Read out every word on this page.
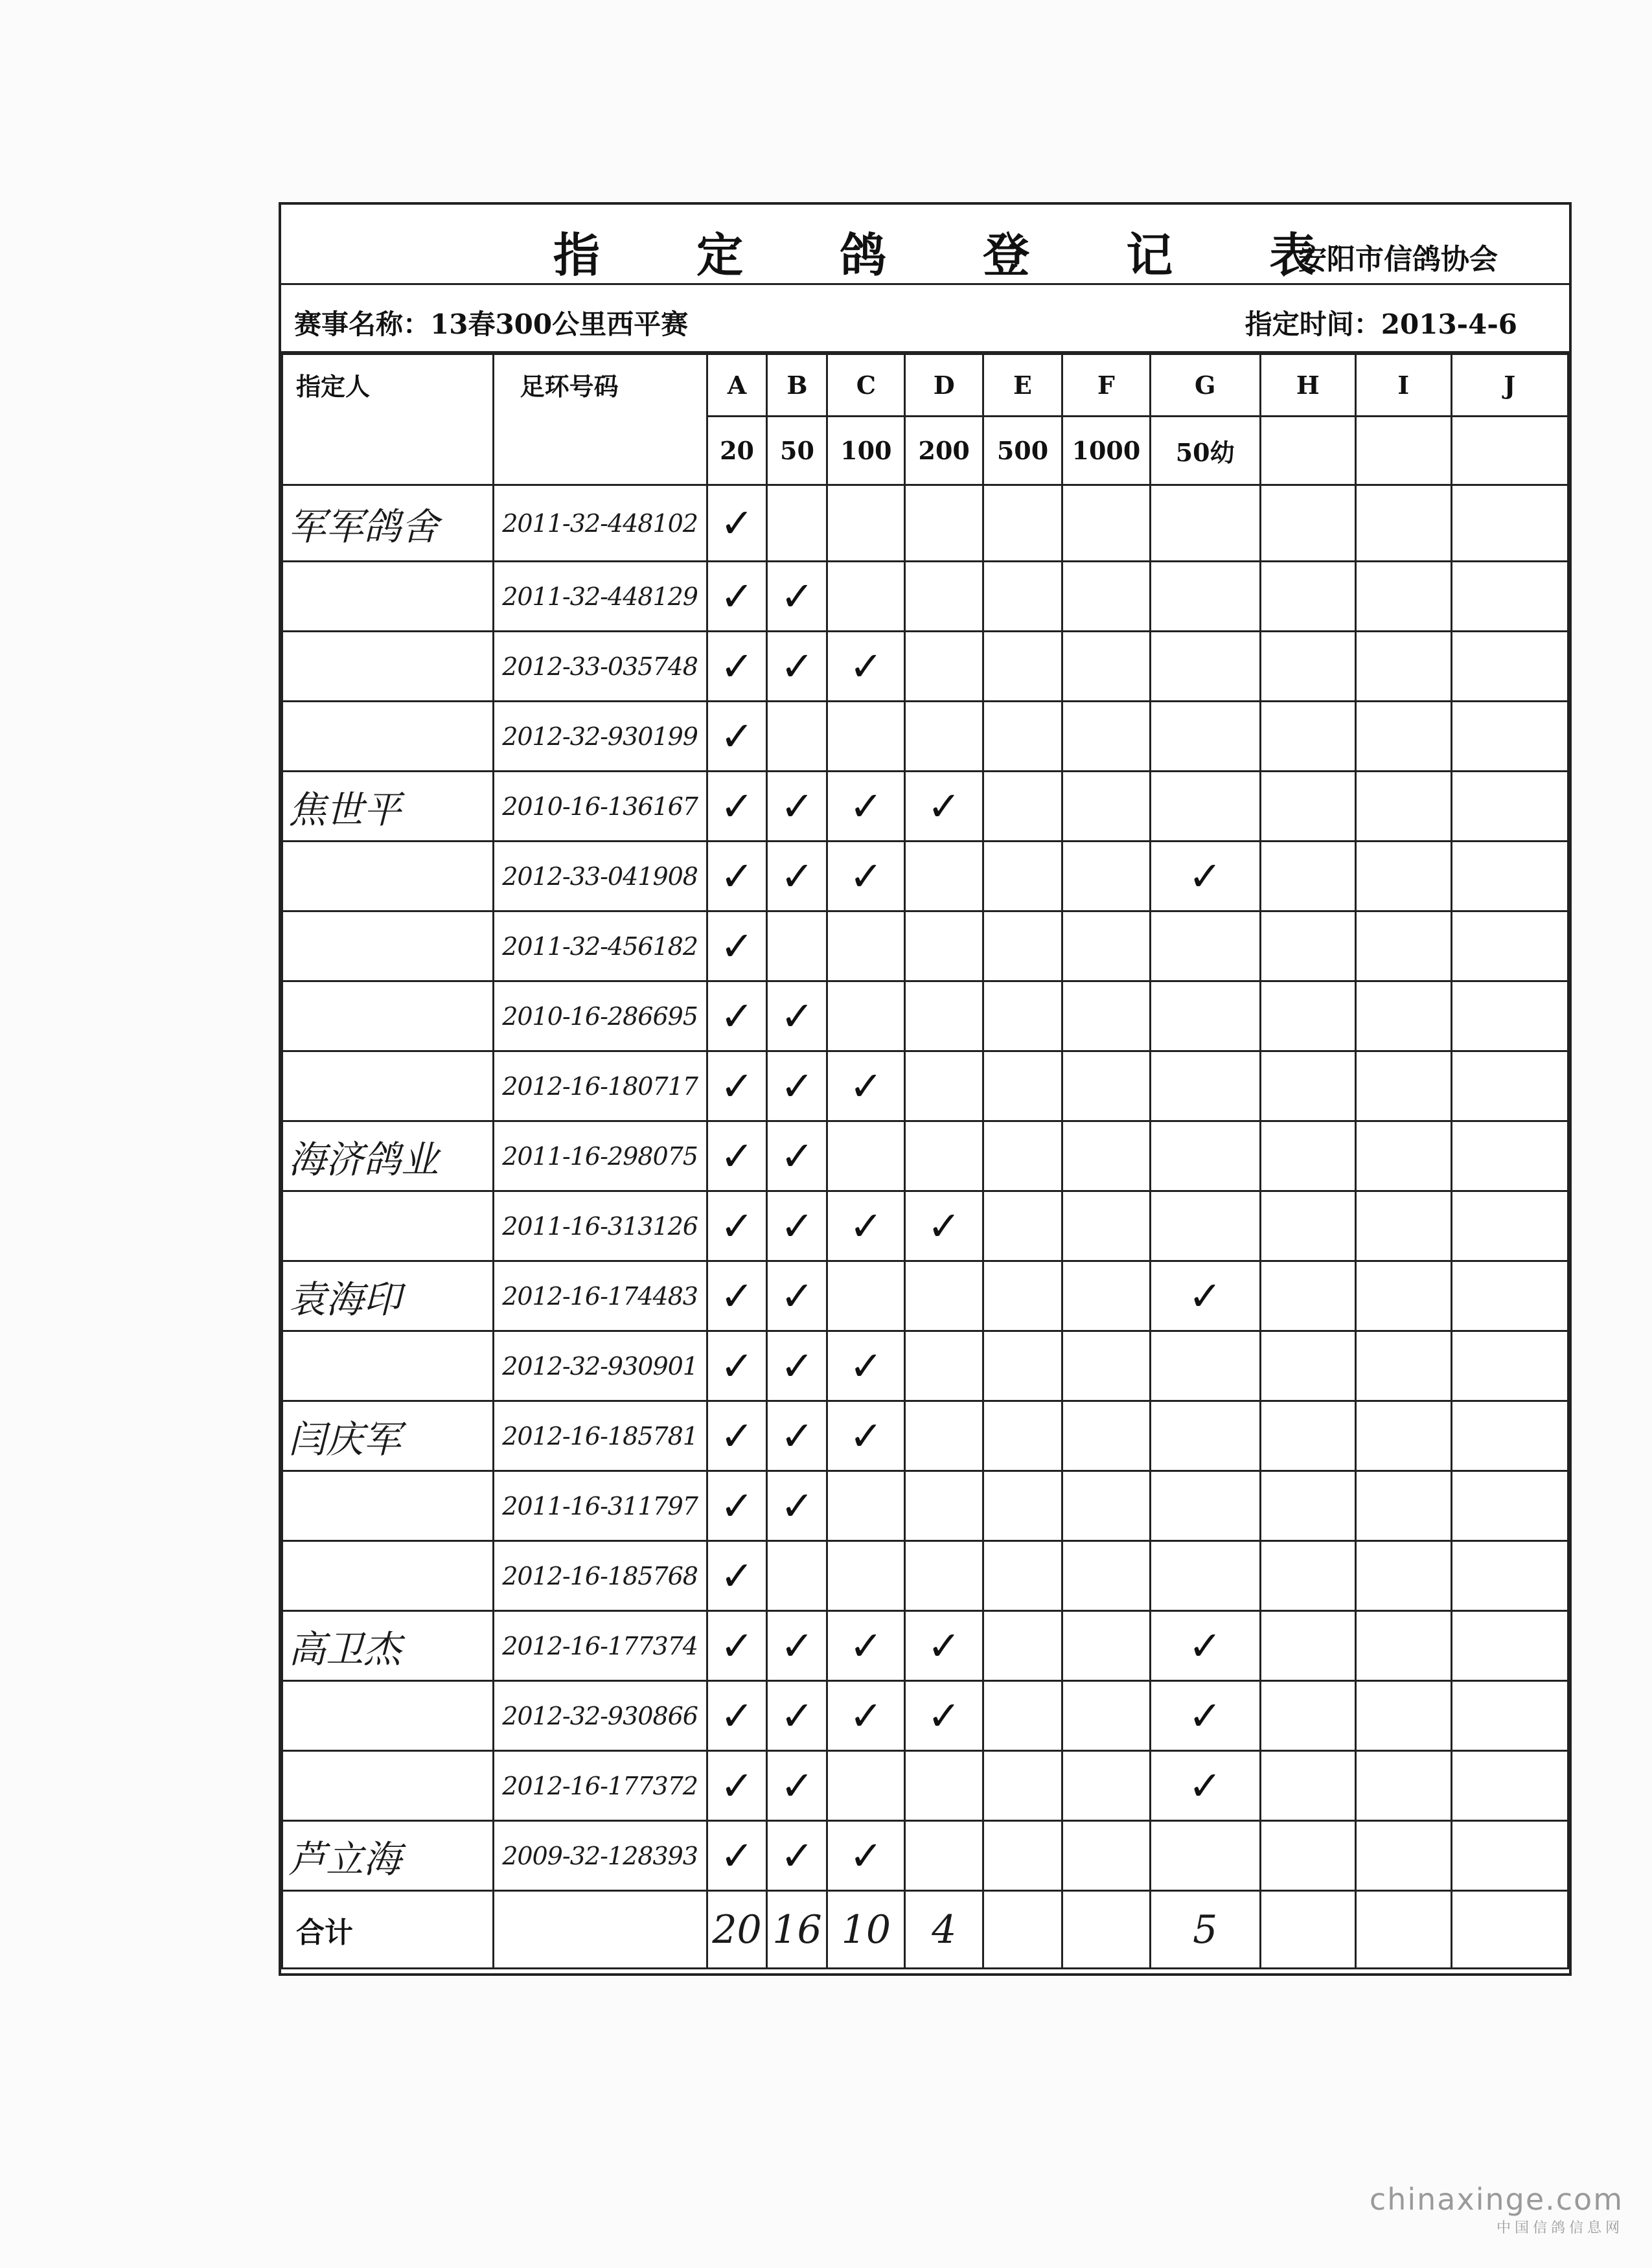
指 定 鸽 登 记 表
安阳市信鸽协会
赛事名称：13春300公里西平赛	指定时间：2013-4-6
指定人	足环号码	A	B	C	D	E	F	G	H	I	J
		20	50	100	200	500	1000	50幼			
军军鸽舍	2011-32-448102	✓									
	2011-32-448129	✓	✓								
	2012-33-035748	✓	✓	✓							
	2012-32-930199	✓									
焦世平	2010-16-136167	✓	✓	✓	✓						
	2012-33-041908	✓	✓	✓				✓			
	2011-32-456182	✓									
	2010-16-286695	✓	✓								
	2012-16-180717	✓	✓	✓							
海济鸽业	2011-16-298075	✓	✓								
	2011-16-313126	✓	✓	✓	✓						
袁海印	2012-16-174483	✓	✓					✓			
	2012-32-930901	✓	✓	✓							
闫庆军	2012-16-185781	✓	✓	✓							
	2011-16-311797	✓	✓								
	2012-16-185768	✓									
高卫杰	2012-16-177374	✓	✓	✓	✓			✓			
	2012-32-930866	✓	✓	✓	✓			✓			
	2012-16-177372	✓	✓					✓			
芦立海	2009-32-128393	✓	✓	✓							
合计		20	16	10	4			5			
chinaxinge.com
中国信鸽信息网
